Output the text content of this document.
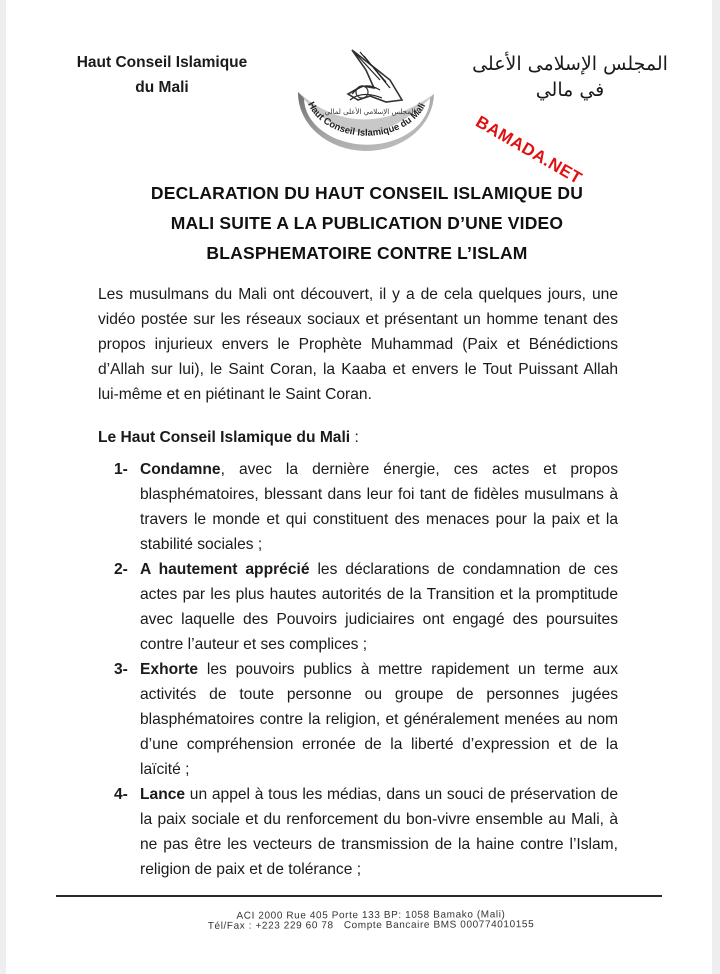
Haut Conseil Islamique
du Mali
Haut Conseil Islamique du Mali
المجلس الإسلامي الأعلى لمالي
المجلس الإسلامى الأعلى في مالي
BAMADA.NET
DECLARATION DU HAUT CONSEIL ISLAMIQUE DU
MALI SUITE A LA PUBLICATION D’UNE VIDEO
BLASPHEMATOIRE CONTRE L’ISLAM

Les musulmans du Mali ont découvert, il y a de cela quelques jours, une vidéo postée sur les réseaux sociaux et présentant un homme tenant des propos injurieux envers le Prophète Muhammad (Paix et Bénédictions d’Allah sur lui), le Saint Coran, la Kaaba et envers le Tout Puissant Allah lui-même et en piétinant le Saint Coran.

Le Haut Conseil Islamique du Mali :
1- Condamne, avec la dernière énergie, ces actes et propos blasphématoires, blessant dans leur foi tant de fidèles musulmans à travers le monde et qui constituent des menaces pour la paix et la stabilité sociales ;
2- A hautement apprécié les déclarations de condamnation de ces actes par les plus hautes autorités de la Transition et la promptitude avec laquelle des Pouvoirs judiciaires ont engagé des poursuites contre l’auteur et ses complices ;
3- Exhorte les pouvoirs publics à mettre rapidement un terme aux activités de toute personne ou groupe de personnes jugées blasphématoires contre la religion, et généralement menées au nom d’une compréhension erronée de la liberté d’expression et de la laïcité ;
4- Lance un appel à tous les médias, dans un souci de préservation de la paix sociale et du renforcement du bon-vivre ensemble au Mali, à ne pas être les vecteurs de transmission de la haine contre l’Islam, religion de paix et de tolérance ;
ACI 2000 Rue 405 Porte 133 BP: 1058 Bamako (Mali)
Tél/Fax : +223 229 60 78   Compte Bancaire BMS 000774010155
